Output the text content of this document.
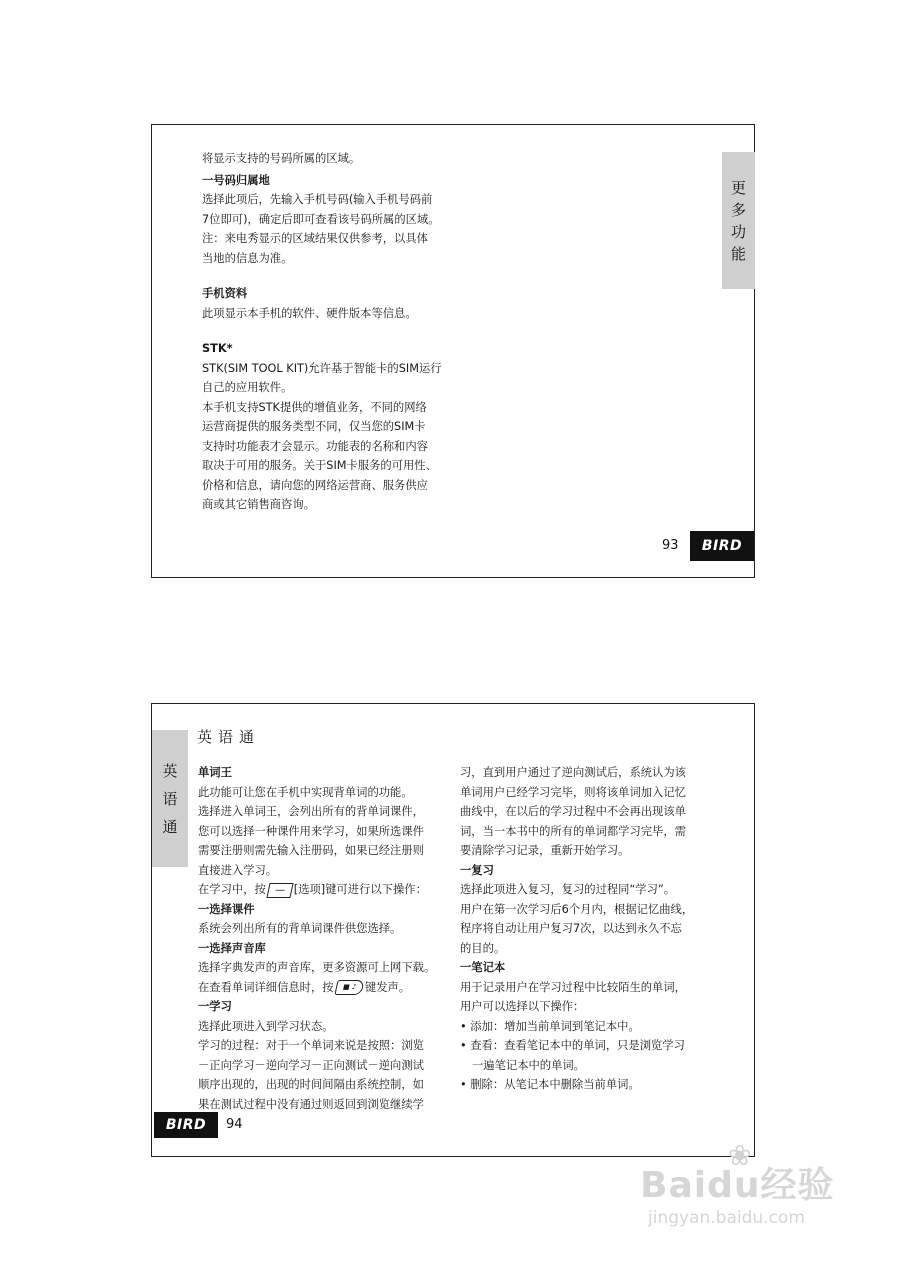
将显示支持的号码所属的区域。

一号码归属地

选择此项后，先输入手机号码(输入手机号码前

7位即可)，确定后即可查看该号码所属的区域。

注：来电秀显示的区域结果仅供参考，以具体

当地的信息为准。

手机资料

此项显示本手机的软件、硬件版本等信息。

STK*

STK(SIM TOOL KIT)允许基于智能卡的SIM运行

自己的应用软件。

本手机支持STK提供的增值业务，不同的网络

运营商提供的服务类型不同，仅当您的SIM卡

支持时功能表才会显示。功能表的名称和内容

取决于可用的服务。关于SIM卡服务的可用性、

价格和信息，请向您的网络运营商、服务供应

商或其它销售商咨询。

更
多
功
能
93	BIRD
英
语
通
英语通

单词王

此功能可让您在手机中实现背单词的功能。

选择进入单词王，会列出所有的背单词课件，

您可以选择一种课件用来学习，如果所选课件

需要注册则需先输入注册码，如果已经注册则

直接进入学习。

在学习中，按 — [选项]键可进行以下操作：

一选择课件

系统会列出所有的背单词课件供您选择。

一选择声音库

选择字典发声的声音库，更多资源可上网下载。

在查看单词详细信息时，按 ■ ♪ 键发声。

一学习

选择此项进入到学习状态。

学习的过程：对于一个单词来说是按照：浏览

－正向学习－逆向学习－正向测试－逆向测试

顺序出现的，出现的时间间隔由系统控制，如

果在测试过程中没有通过则返回到浏览继续学

习，直到用户通过了逆向测试后，系统认为该

单词用户已经学习完毕，则将该单词加入记忆

曲线中，在以后的学习过程中不会再出现该单

词，当一本书中的所有的单词都学习完毕，需

要清除学习记录，重新开始学习。

一复习

选择此项进入复习，复习的过程同“学习”。

用户在第一次学习后6个月内，根据记忆曲线，

程序将自动让用户复习7次，以达到永久不忘

的目的。

一笔记本

用于记录用户在学习过程中比较陌生的单词，

用户可以选择以下操作：

• 添加：增加当前单词到笔记本中。

• 查看：查看笔记本中的单词，只是浏览学习

一遍笔记本中的单词。

• 删除：从笔记本中删除当前单词。

BIRD	94
❀
Baidu经验
jingyan.baidu.com
